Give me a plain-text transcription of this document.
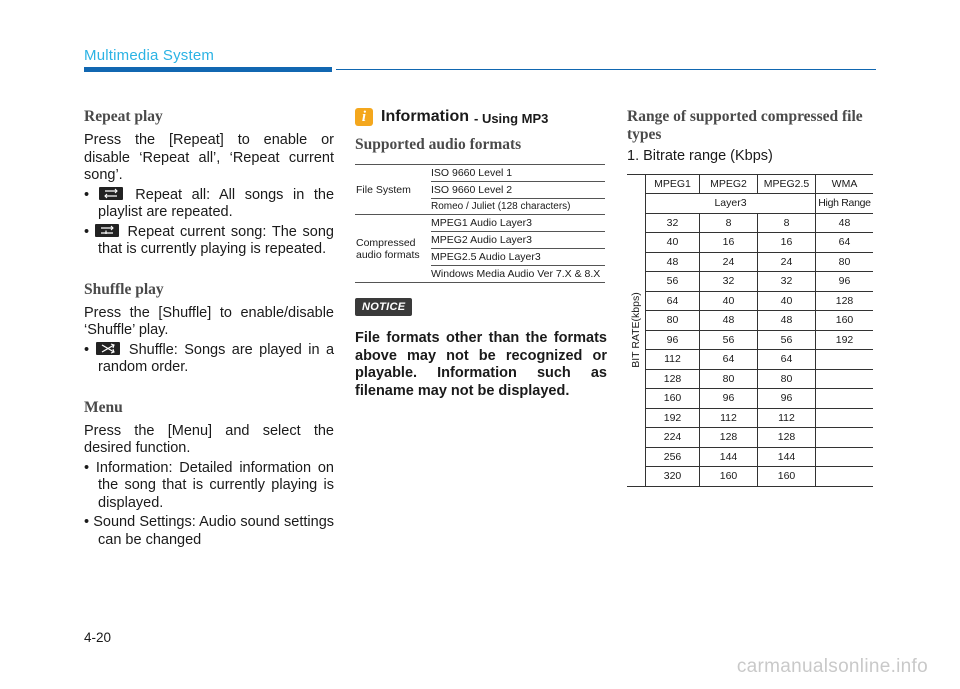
Multimedia System
Repeat play

Press the [Repeat] to enable or disable ‘Repeat all’, ‘Repeat current song’.

•	Repeat all: All songs in the playlist are repeated.
•
Repeat current song: The song that is currently playing is repeated.
Shuffle play

Press the [Shuffle] to enable/disable ‘Shuffle’ play.

•
Shuffle: Songs are played in a random order.
Menu

Press the [Menu] and select the desired function.

• Information: Detailed information on the song that is currently playing is displayed.
• Sound Settings: Audio sound settings can be changed
i Information - Using MP3
Supported audio formats
File System	ISO 9660 Level 1
	ISO 9660 Level 2
	Romeo / Juliet (128 characters)
Compressed audio formats	MPEG1 Audio Layer3
	MPEG2 Audio Layer3
	MPEG2.5 Audio Layer3
	Windows Media Audio Ver 7.X & 8.X
NOTICE
File formats other than the formats above may not be recognized or playable. Information such as filename may not be displayed.
Range of supported compressed file types

1. Bitrate range (Kbps)

BIT RATE(kbps)	MPEG1	MPEG2	MPEG2.5	WMA
	Layer3			High Range
	32	8	8	48
	40	16	16	64
	48	24	24	80
	56	32	32	96
	64	40	40	128
	80	48	48	160
	96	56	56	192
	112	64	64	
	128	80	80	
	160	96	96	
	192	112	112	
	224	128	128	
	256	144	144	
	320	160	160	
4-20
carmanualsonline.info
